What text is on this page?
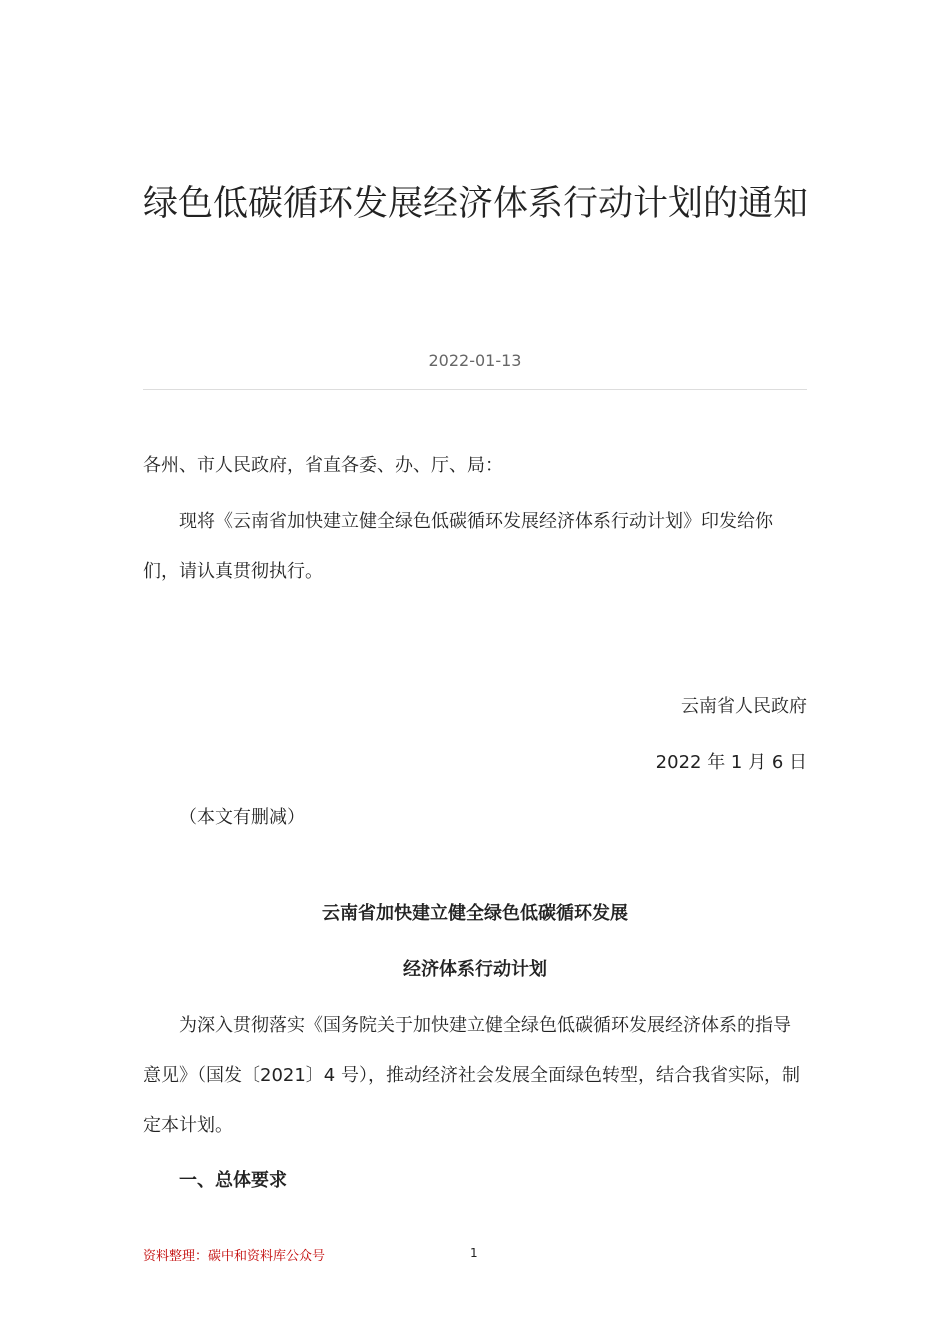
绿色低碳循环发展经济体系行动计划的通知
2022-01-13

各州、市人民政府，省直各委、办、厅、局：

现将《云南省加快建立健全绿色低碳循环发展经济体系行动计划》印发给你们，请认真贯彻执行。

云南省人民政府

2022 年 1 月 6 日

（本文有删减）

云南省加快建立健全绿色低碳循环发展

经济体系行动计划

为深入贯彻落实《国务院关于加快建立健全绿色低碳循环发展经济体系的指导意见》（国发〔2021〕4 号），推动经济社会发展全面绿色转型，结合我省实际，制定本计划。

一、总体要求

资料整理：碳中和资料库公众号	1
